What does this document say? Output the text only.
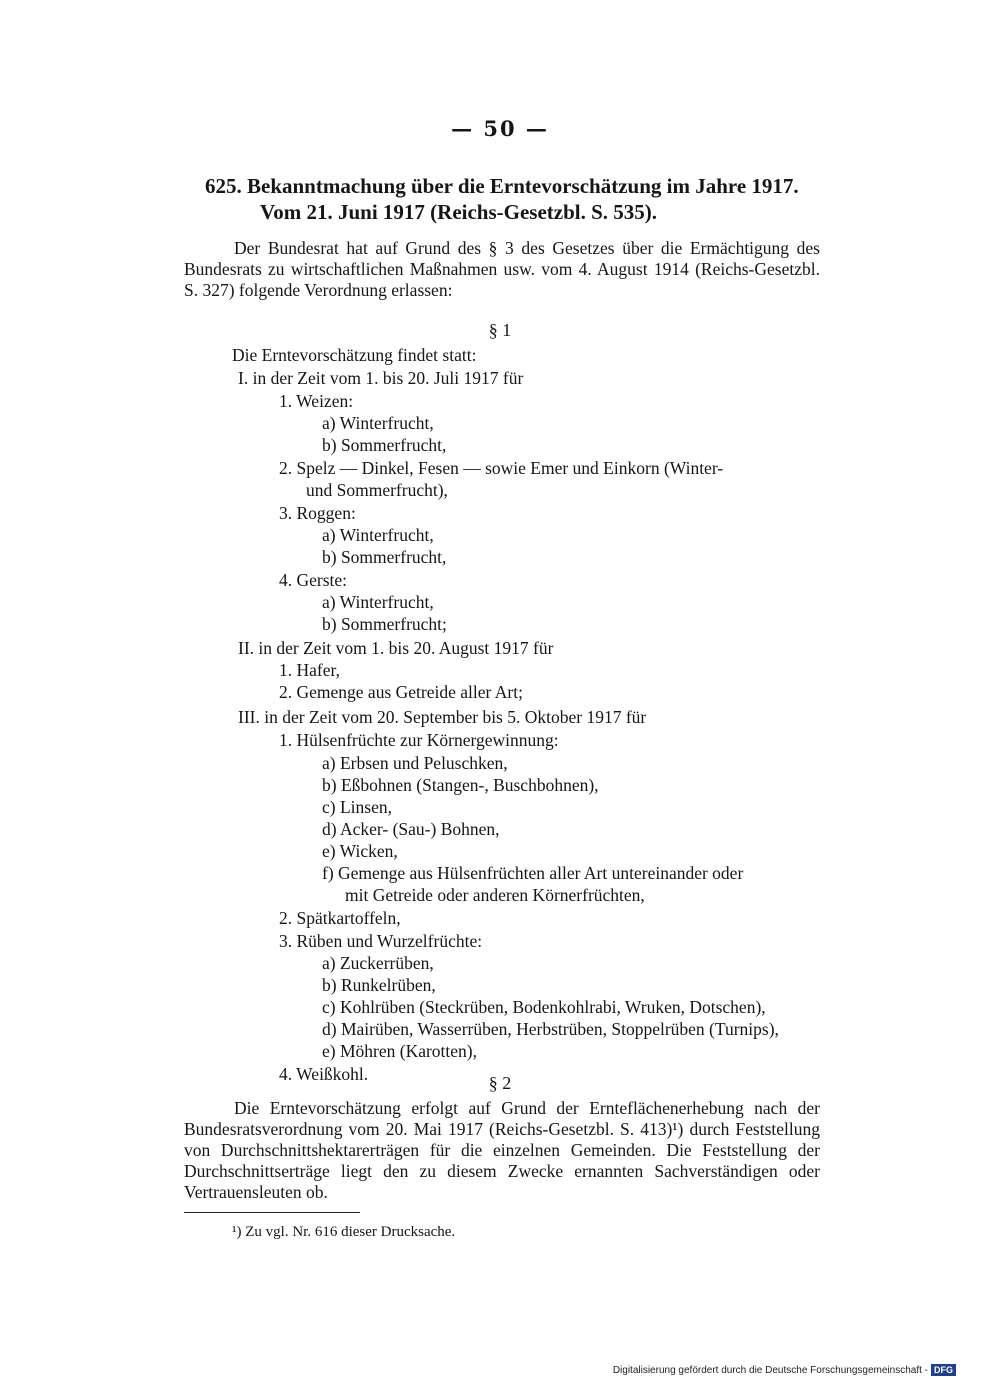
— 50 —
625. Bekanntmachung über die Erntevorschätzung im Jahre 1917.
Vom 21. Juni 1917 (Reichs-Gesetzbl. S. 535).
Der Bundesrat hat auf Grund des § 3 des Gesetzes über die Ermächtigung des Bundesrats zu wirtschaftlichen Maßnahmen usw. vom 4. August 1914 (Reichs-Gesetzbl. S. 327) folgende Verordnung erlassen:
§ 1
Die Erntevorschätzung findet statt:
I. in der Zeit vom 1. bis 20. Juli 1917 für
1. Weizen:
a) Winterfrucht,
b) Sommerfrucht,
2. Spelz — Dinkel, Fesen — sowie Emer und Einkorn (Winter-
und Sommerfrucht),
3. Roggen:
a) Winterfrucht,
b) Sommerfrucht,
4. Gerste:
a) Winterfrucht,
b) Sommerfrucht;
II. in der Zeit vom 1. bis 20. August 1917 für
1. Hafer,
2. Gemenge aus Getreide aller Art;
III. in der Zeit vom 20. September bis 5. Oktober 1917 für
1. Hülsenfrüchte zur Körnergewinnung:
a) Erbsen und Peluschken,
b) Eßbohnen (Stangen-, Buschbohnen),
c) Linsen,
d) Acker- (Sau-) Bohnen,
e) Wicken,
f) Gemenge aus Hülsenfrüchten aller Art untereinander oder
mit Getreide oder anderen Körnerfrüchten,
2. Spätkartoffeln,
3. Rüben und Wurzelfrüchte:
a) Zuckerrüben,
b) Runkelrüben,
c) Kohlrüben (Steckrüben, Bodenkohlrabi, Wruken, Dotschen),
d) Mairüben, Wasserrüben, Herbstrüben, Stoppelrüben (Turnips),
e) Möhren (Karotten),
4. Weißkohl.	§ 2
Die Erntevorschätzung erfolgt auf Grund der Ernteflächenerhebung nach der Bundesratsverordnung vom 20. Mai 1917 (Reichs-Gesetzbl. S. 413)¹) durch Feststellung von Durchschnittshektarerträgen für die einzelnen Gemeinden. Die Feststellung der Durchschnittserträge liegt den zu diesem Zwecke ernannten Sachverständigen oder Vertrauensleuten ob.
¹) Zu vgl. Nr. 616 dieser Drucksache.
Digitalisierung gefördert durch die Deutsche Forschungsgemeinschaft - DFG
